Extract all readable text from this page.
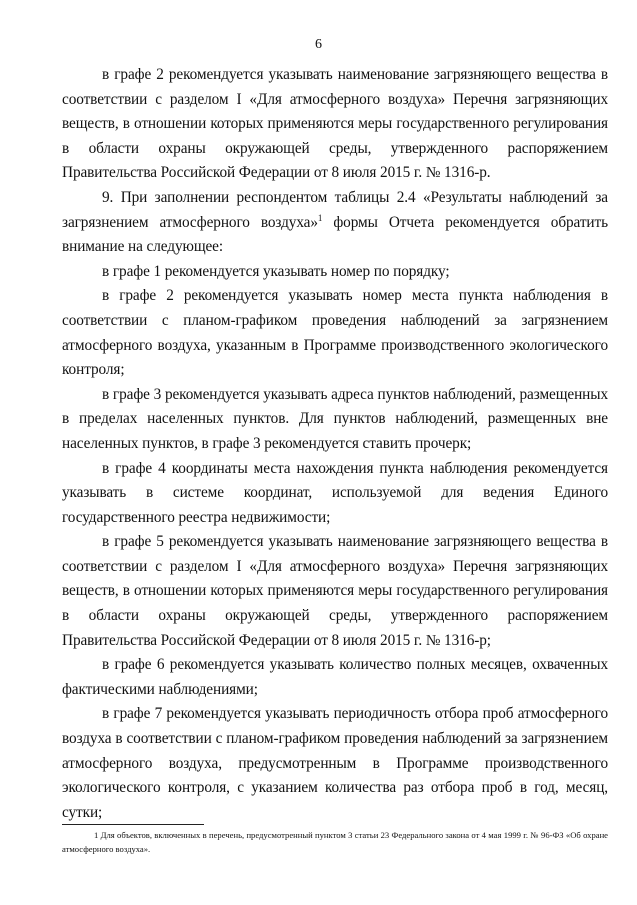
6

в графе 2 рекомендуется указывать наименование загрязняющего вещества в соответствии с разделом I «Для атмосферного воздуха» Перечня загрязняющих веществ, в отношении которых применяются меры государственного регулирования в области охраны окружающей среды, утвержденного распоряжением Правительства Российской Федерации от 8 июля 2015 г. № 1316-р.

9. При заполнении респондентом таблицы 2.4 «Результаты наблюдений за загрязнением атмосферного воздуха»$^1$ формы Отчета рекомендуется обратить внимание на следующее:

в графе 1 рекомендуется указывать номер по порядку;

в графе 2 рекомендуется указывать номер места пункта наблюдения в соответствии с планом-графиком проведения наблюдений за загрязнением атмосферного воздуха, указанным в Программе производственного экологического контроля;

в графе 3 рекомендуется указывать адреса пунктов наблюдений, размещенных в пределах населенных пунктов. Для пунктов наблюдений, размещенных вне населенных пунктов, в графе 3 рекомендуется ставить прочерк;

в графе 4 координаты места нахождения пункта наблюдения рекомендуется указывать в системе координат, используемой для ведения Единого государственного реестра недвижимости;

в графе 5 рекомендуется указывать наименование загрязняющего вещества в соответствии с разделом I «Для атмосферного воздуха» Перечня загрязняющих веществ, в отношении которых применяются меры государственного регулирования в области охраны окружающей среды, утвержденного распоряжением Правительства Российской Федерации от 8 июля 2015 г. № 1316-р;

в графе 6 рекомендуется указывать количество полных месяцев, охваченных фактическими наблюдениями;

в графе 7 рекомендуется указывать периодичность отбора проб атмосферного воздуха в соответствии с планом-графиком проведения наблюдений за загрязнением атмосферного воздуха, предусмотренным в Программе производственного экологического контроля, с указанием количества раз отбора проб в год, месяц, сутки;

1 Для объектов, включенных в перечень, предусмотренный пунктом 3 статьи 23 Федерального закона от 4 мая 1999 г. № 96-ФЗ «Об охране атмосферного воздуха».
